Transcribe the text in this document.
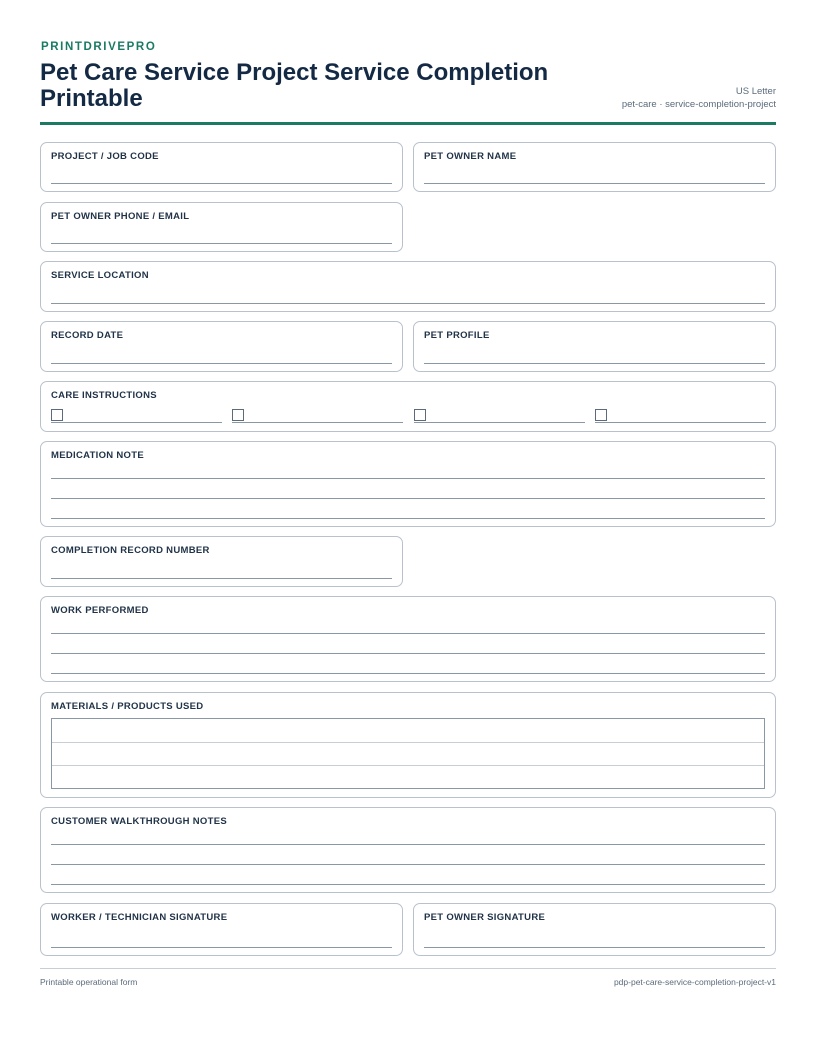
PRINTDRIVEPRO
Pet Care Service Project Service Completion Printable	US Letter
pet-care · service-completion-project
PROJECT / JOB CODE	PET OWNER NAME
PET OWNER PHONE / EMAIL
SERVICE LOCATION
RECORD DATE	PET PROFILE
CARE INSTRUCTIONS
MEDICATION NOTE
COMPLETION RECORD NUMBER
WORK PERFORMED
MATERIALS / PRODUCTS USED
CUSTOMER WALKTHROUGH NOTES
WORKER / TECHNICIAN SIGNATURE	PET OWNER SIGNATURE
Printable operational form	pdp-pet-care-service-completion-project-v1
